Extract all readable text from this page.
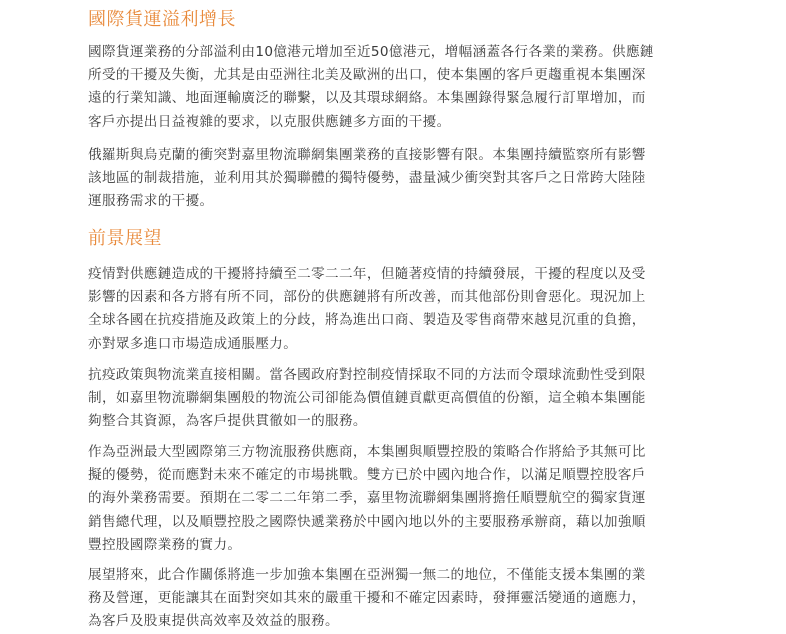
國際貨運溢利增長
國際貨運業務的分部溢利由10億港元增加至近50億港元，增幅涵蓋各行各業的業務。供應鏈
所受的干擾及失衡，尤其是由亞洲往北美及歐洲的出口，使本集團的客戶更趨重視本集團深
遠的行業知識、地面運輸廣泛的聯繫，以及其環球網絡。本集團錄得緊急履行訂單增加，而
客戶亦提出日益複雜的要求，以克服供應鏈多方面的干擾。
俄羅斯與烏克蘭的衝突對嘉里物流聯網集團業務的直接影響有限。本集團持續監察所有影響
該地區的制裁措施，並利用其於獨聯體的獨特優勢，盡量減少衝突對其客戶之日常跨大陸陸
運服務需求的干擾。
前景展望
疫情對供應鏈造成的干擾將持續至二零二二年，但隨著疫情的持續發展，干擾的程度以及受
影響的因素和各方將有所不同，部份的供應鏈將有所改善，而其他部份則會惡化。現況加上
全球各國在抗疫措施及政策上的分歧，將為進出口商、製造及零售商帶來越見沉重的負擔，
亦對眾多進口市場造成通脹壓力。
抗疫政策與物流業直接相關。當各國政府對控制疫情採取不同的方法而令環球流動性受到限
制，如嘉里物流聯網集團般的物流公司卻能為價值鏈貢獻更高價值的份額，這全賴本集團能
夠整合其資源，為客戶提供貫徹如一的服務。
作為亞洲最大型國際第三方物流服務供應商，本集團與順豐控股的策略合作將給予其無可比
擬的優勢，從而應對未來不確定的市場挑戰。雙方已於中國內地合作，以滿足順豐控股客戶
的海外業務需要。預期在二零二二年第二季，嘉里物流聯網集團將擔任順豐航空的獨家貨運
銷售總代理，以及順豐控股之國際快遞業務於中國內地以外的主要服務承辦商，藉以加強順
豐控股國際業務的實力。
展望將來，此合作關係將進一步加強本集團在亞洲獨一無二的地位，不僅能支援本集團的業
務及營運，更能讓其在面對突如其來的嚴重干擾和不確定因素時，發揮靈活變通的適應力，
為客戶及股東提供高效率及效益的服務。
